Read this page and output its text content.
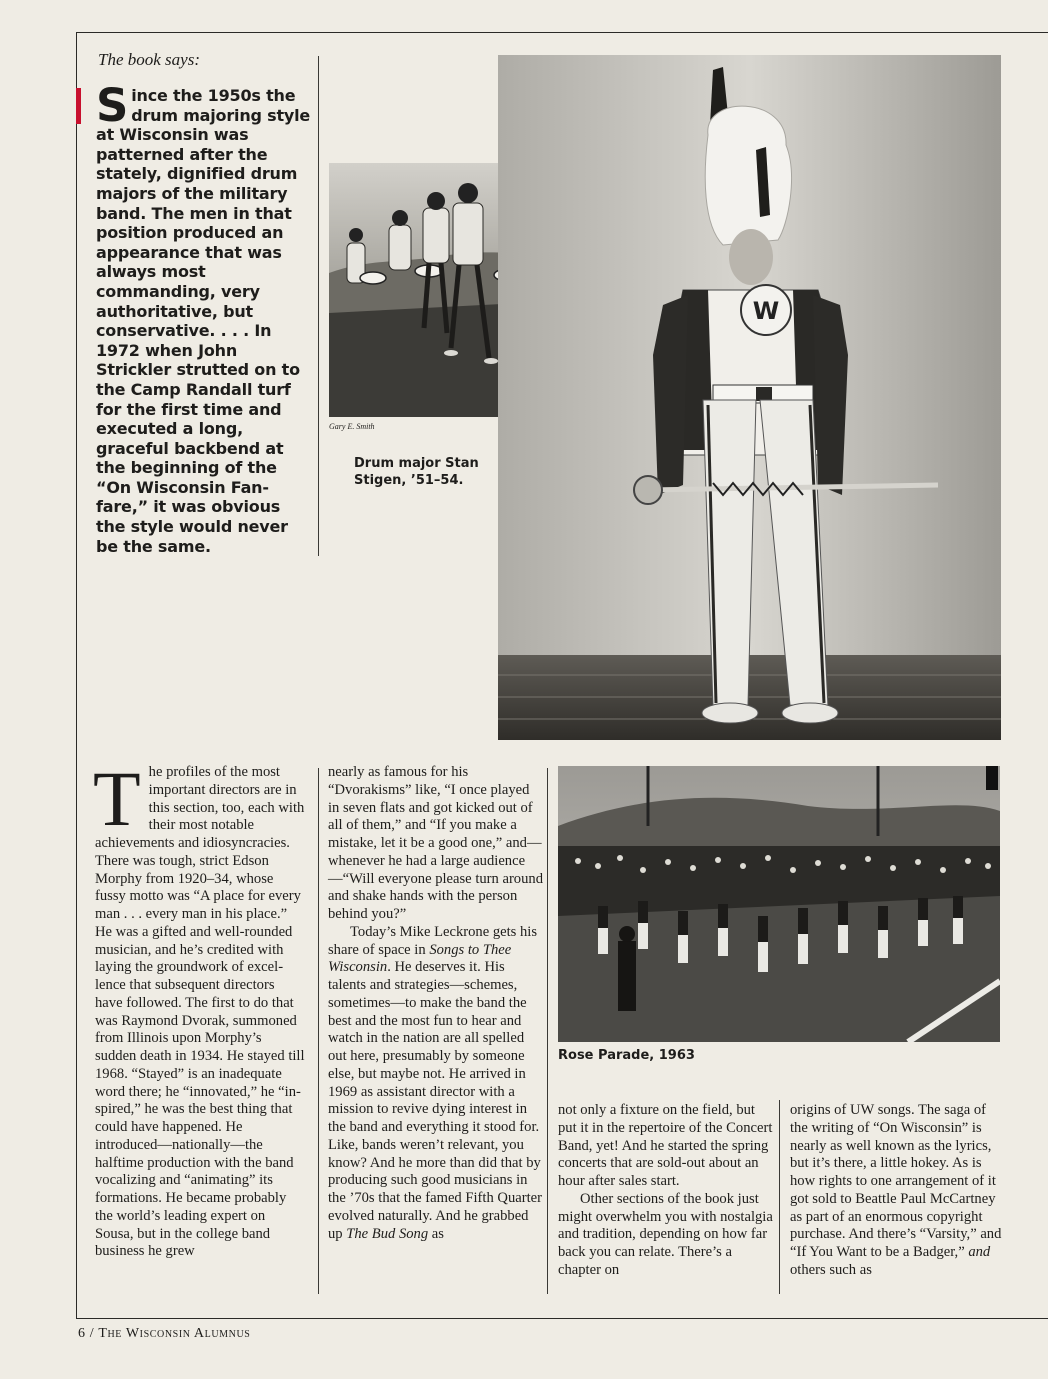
The book says:

Since the 1950s the drum majoring style at Wisconsin was patterned after the stately, dignified drum majors of the military band. The men in that position produced an appearance that was always most commanding, very authoritative, but conservative. . . . In 1972 when John Strickler strutted on to the Camp Randall turf for the first time and executed a long, graceful backbend at the beginning of the “On Wisconsin Fanfare,” it was obvious the style would never be the same.

Gary E. Smith

Drum major Stan Stigen, ’51–54.

W

Rose Parade, 1963

The profiles of the most important directors are in this section, too, each with their most notable achievements and idiosyncracies. There was tough, strict Edson Morphy from 1920–34, whose fussy motto was “A place for every man . . . every man in his place.” He was a gifted and well-rounded musician, and he’s credited with laying the groundwork of excellence that subsequent directors have followed. The first to do that was Raymond Dvorak, summoned from Illinois upon Morphy’s sudden death in 1934. He stayed till 1968. “Stayed” is an inadequate word there; he “innovated,” he “inspired,” he was the best thing that could have happened. He introduced—nationally—the halftime production with the band vocalizing and “animating” its formations. He became probably the world’s leading expert on Sousa, but in the college band business he grew

nearly as famous for his “Dvorakisms” like, “I once played in seven flats and got kicked out of all of them,” and “If you make a mistake, let it be a good one,” and—whenever he had a large audience—“Will everyone please turn around and shake hands with the person behind you?”

Today’s Mike Leckrone gets his share of space in Songs to Thee Wisconsin. He deserves it. His talents and strategies—schemes, sometimes—to make the band the best and the most fun to hear and watch in the nation are all spelled out here, presumably by someone else, but maybe not. He arrived in 1969 as assistant director with a mission to revive dying interest in the band and everything it stood for. Like, bands weren’t relevant, you know? And he more than did that by producing such good musicians in the ’70s that the famed Fifth Quarter evolved naturally. And he grabbed up The Bud Song as

not only a fixture on the field, but put it in the repertoire of the Concert Band, yet! And he started the spring concerts that are sold-out about an hour after sales start.

Other sections of the book just might overwhelm you with nostalgia and tradition, depending on how far back you can relate. There’s a chapter on

origins of UW songs. The saga of the writing of “On Wisconsin” is nearly as well known as the lyrics, but it’s there, a little hokey. As is how rights to one arrangement of it got sold to Beattle Paul McCartney as part of an enormous copyright purchase. And there’s “Varsity,” and “If You Want to be a Badger,” and others such as

6 / The Wisconsin Alumnus
